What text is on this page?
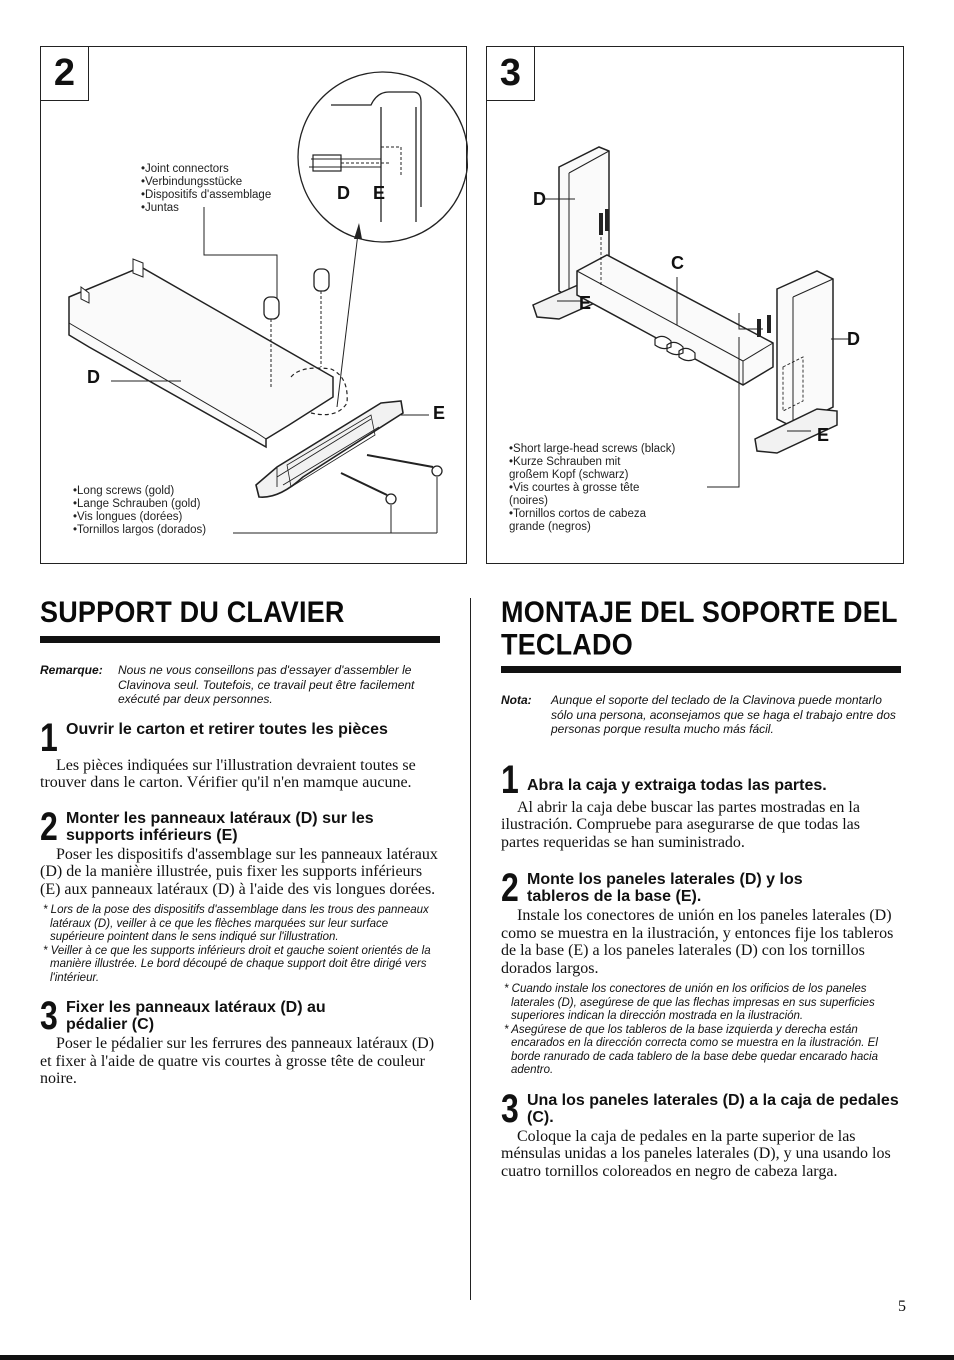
2
•Joint connectors
•Verbindungsstücke
•Dispositifs d'assemblage
•Juntas
•Long screws (gold)
•Lange Schrauben (gold)
•Vis longues (dorées)
•Tornillos largos (dorados)
D E
D
E
3
•Short large-head screws (black)
•Kurze Schrauben mit
großem Kopf (schwarz)
•Vis courtes à grosse tête
(noires)
•Tornillos cortos de cabeza
grande (negros)
D
C
E
D
E
SUPPORT DU CLAVIER
Remarque:	Nous ne vous conseillons pas d'essayer d'assembler le Clavinova seul. Toutefois, ce travail peut être facilement exécuté par deux personnes.
1 Ouvrir le carton et retirer toutes les pièces

Les pièces indiquées sur l'illustration devraient toutes se trouver dans le carton. Vérifier qu'il n'en mamque aucune.

2 Monter les panneaux latéraux (D) sur les supports inférieurs (E)

Poser les dispositifs d'assemblage sur les panneaux latéraux (D) de la manière illustrée, puis fixer les supports inférieurs (E) aux panneaux latéraux (D) à l'aide des vis longues dorées.

* Lors de la pose des dispositifs d'assemblage dans les trous des panneaux latéraux (D), veiller à ce que les flèches marquées sur leur surface supérieure pointent dans le sens indiqué sur l'illustration.

* Veiller à ce que les supports inférieurs droit et gauche soient orientés de la manière illustrée. Le bord découpé de chaque support doit être dirigé vers l'intérieur.

3 Fixer les panneaux latéraux (D) au pédalier (C)

Poser le pédalier sur les ferrures des panneaux latéraux (D) et fixer à l'aide de quatre vis courtes à grosse tête de couleur noire.

MONTAJE DEL SOPORTE DEL TECLADO
Nota:	Aunque el soporte del teclado de la Clavinova puede montarlo sólo una persona, aconsejamos que se haga el trabajo entre dos personas porque resulta mucho más fácil.
1 Abra la caja y extraiga todas las partes.

Al abrir la caja debe buscar las partes mostradas en la ilustración. Compruebe para asegurarse de que todas las partes requeridas se han suministrado.

2 Monte los paneles laterales (D) y los tableros de la base (E).

Instale los conectores de unión en los paneles laterales (D) como se muestra en la ilustración, y entonces fije los tableros de la base (E) a los paneles laterales (D) con los tornillos dorados largos.

* Cuando instale los conectores de unión en los orificios de los paneles laterales (D), asegúrese de que las flechas impresas en sus superficies superiores indican la dirección mostrada en la ilustración.

* Asegúrese de que los tableros de la base izquierda y derecha están encarados en la dirección correcta como se muestra en la ilustración. El borde ranurado de cada tablero de la base debe quedar encarado hacia adentro.

3 Una los paneles laterales (D) a la caja de pedales (C).

Coloque la caja de pedales en la parte superior de las ménsulas unidas a los paneles laterales (D), y una usando los cuatro tornillos coloreados en negro de cabeza larga.

5
